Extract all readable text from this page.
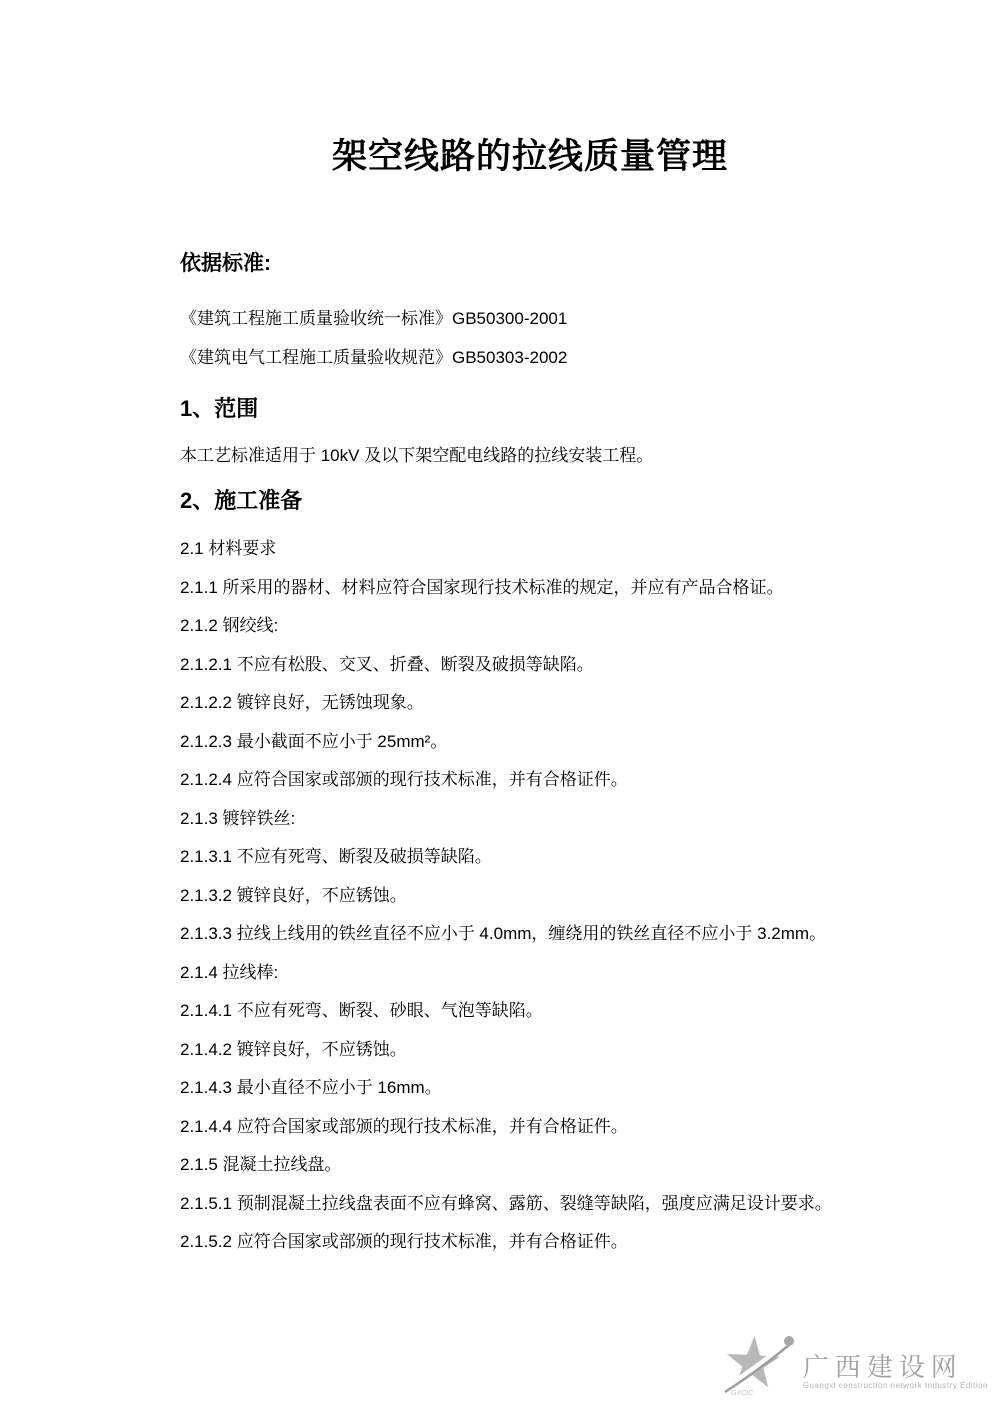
架空线路的拉线质量管理
依据标准:

《建筑工程施工质量验收统一标准》GB50300-2001

《建筑电气工程施工质量验收规范》GB50303-2002

1、范围

本工艺标准适用于 10kV 及以下架空配电线路的拉线安装工程。

2、施工准备

2.1 材料要求

2.1.1 所采用的器材、材料应符合国家现行技术标准的规定，并应有产品合格证。

2.1.2 钢绞线:

2.1.2.1 不应有松股、交叉、折叠、断裂及破损等缺陷。

2.1.2.2 镀锌良好，无锈蚀现象。

2.1.2.3 最小截面不应小于 25mm²。

2.1.2.4 应符合国家或部颁的现行技术标准，并有合格证件。

2.1.3 镀锌铁丝:

2.1.3.1 不应有死弯、断裂及破损等缺陷。

2.1.3.2 镀锌良好，不应锈蚀。

2.1.3.3 拉线上线用的铁丝直径不应小于 4.0mm，缠绕用的铁丝直径不应小于 3.2mm。

2.1.4 拉线棒:

2.1.4.1 不应有死弯、断裂、砂眼、气泡等缺陷。

2.1.4.2 镀锌良好，不应锈蚀。

2.1.4.3 最小直径不应小于 16mm。

2.1.4.4 应符合国家或部颁的现行技术标准，并有合格证件。

2.1.5 混凝土拉线盘。

2.1.5.1 预制混凝土拉线盘表面不应有蜂窝、露筋、裂缝等缺陷，强度应满足设计要求。

2.1.5.2 应符合国家或部颁的现行技术标准，并有合格证件。

GXCIC
广西建设网
Guangxi construction network Industry Edition
